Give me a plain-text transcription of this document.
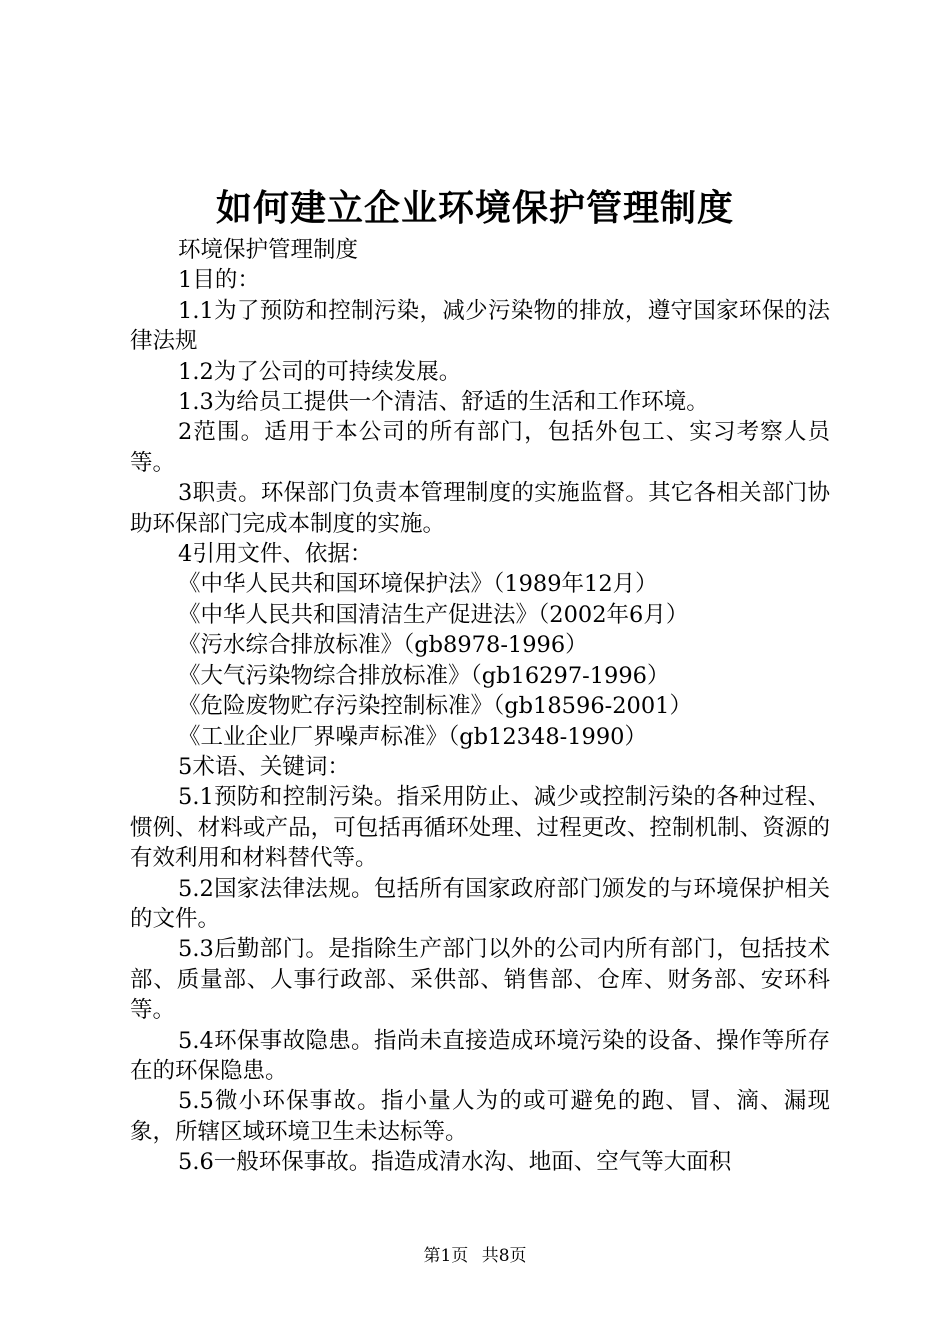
如何建立企业环境保护管理制度

环境保护管理制度

1目的：

1.1为了预防和控制污染，减少污染物的排放，遵守国家环保的法律法规

1.2为了公司的可持续发展。

1.3为给员工提供一个清洁、舒适的生活和工作环境。

2范围。适用于本公司的所有部门，包括外包工、实习考察人员等。

3职责。环保部门负责本管理制度的实施监督。其它各相关部门协助环保部门完成本制度的实施。

4引用文件、依据：

《中华人民共和国环境保护法》（1989年12月）

《中华人民共和国清洁生产促进法》（2002年6月）

《污水综合排放标准》（gb8978-1996）

《大气污染物综合排放标准》（gb16297-1996）

《危险废物贮存污染控制标准》（gb18596-2001）

《工业企业厂界噪声标准》（gb12348-1990）

5术语、关键词：

5.1预防和控制污染。指采用防止、减少或控制污染的各种过程、惯例、材料或产品，可包括再循环处理、过程更改、控制机制、资源的有效利用和材料替代等。

5.2国家法律法规。包括所有国家政府部门颁发的与环境保护相关的文件。

5.3后勤部门。是指除生产部门以外的公司内所有部门，包括技术部、质量部、人事行政部、采供部、销售部、仓库、财务部、安环科等。

5.4环保事故隐患。指尚未直接造成环境污染的设备、操作等所存在的环保隐患。

5.5微小环保事故。指小量人为的或可避免的跑、冒、滴、漏现象，所辖区域环境卫生未达标等。

5.6一般环保事故。指造成清水沟、地面、空气等大面积

第1页 共8页
